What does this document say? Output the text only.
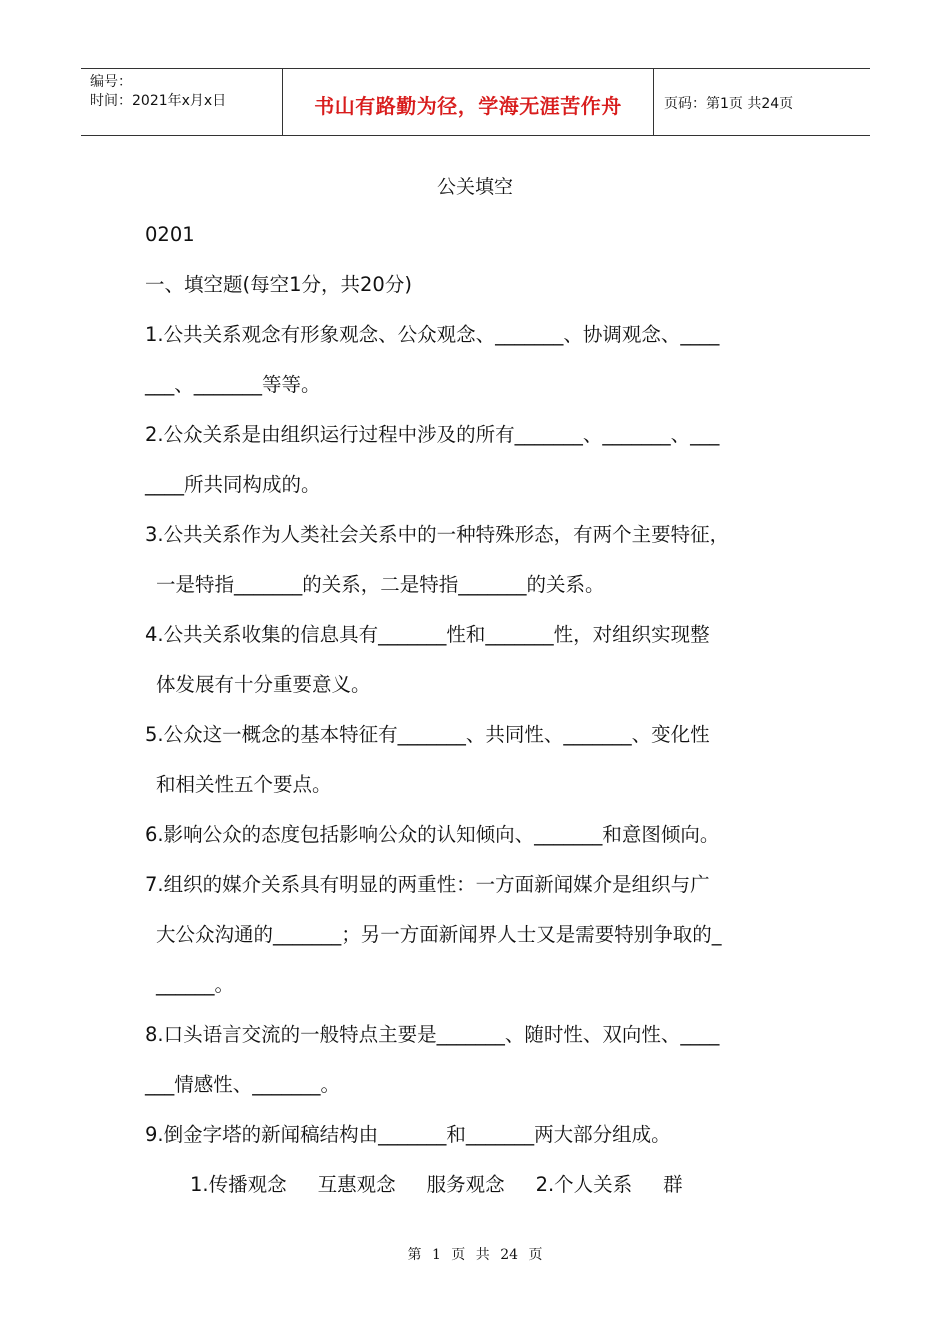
编号：
时间：2021年x月x日	书山有路勤为径，学海无涯苦作舟	页码：第1页 共24页
公关填空
0201
一、填空题(每空1分，共20分)
1.公共关系观念有形象观念、公众观念、_______、协调观念、____
___、_______等等。
2.公众关系是由组织运行过程中涉及的所有_______、_______、___
____所共同构成的。
3.公共关系作为人类社会关系中的一种特殊形态，有两个主要特征，
一是特指_______的关系，二是特指_______的关系。
4.公共关系收集的信息具有_______性和_______性，对组织实现整
体发展有十分重要意义。
5.公众这一概念的基本特征有_______、共同性、_______、变化性
和相关性五个要点。
6.影响公众的态度包括影响公众的认知倾向、_______和意图倾向。
7.组织的媒介关系具有明显的两重性：一方面新闻媒介是组织与广
大公众沟通的_______；另一方面新闻界人士又是需要特别争取的_
______。
8.口头语言交流的一般特点主要是_______、随时性、双向性、____
___情感性、_______。
9.倒金字塔的新闻稿结构由_______和_______两大部分组成。
1.传播观念     互惠观念     服务观念     2.个人关系     群
第 1 页 共 24 页
